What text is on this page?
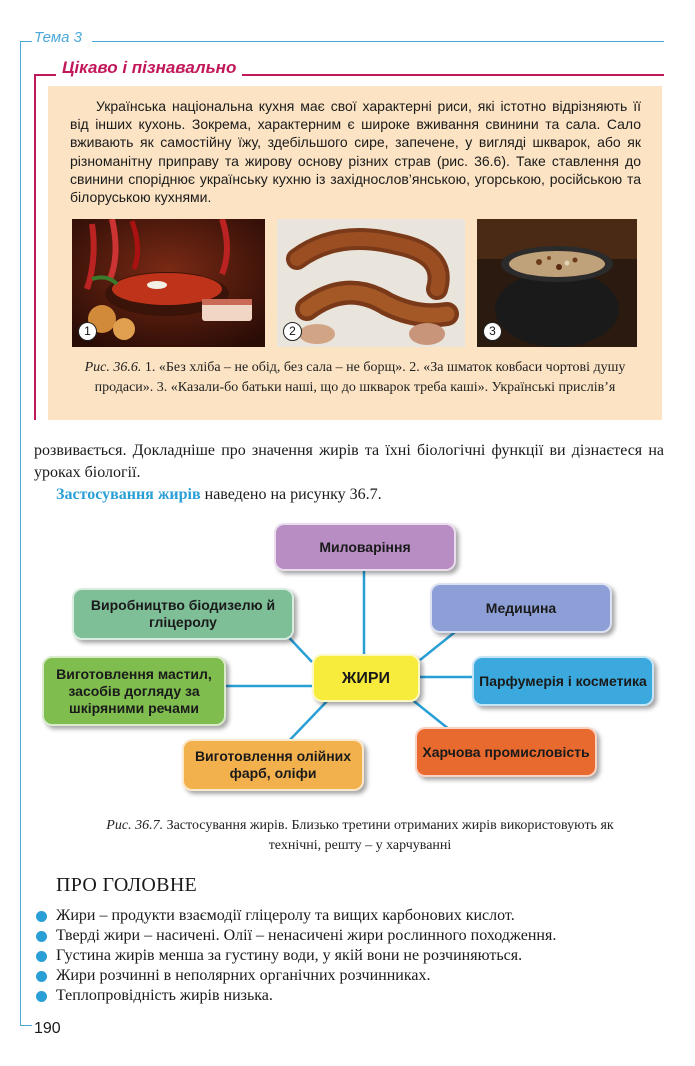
Тема 3
Цікаво і пізнавально
Українська національна кухня має свої характерні риси, які істотно відрізняють її від інших кухонь. Зокрема, характерним є широке вживання свинини та сала. Сало вживають як самостійну їжу, здебільшого сире, запечене, у вигляді шкварок, або як різноманітну приправу та жирову основу різних страв (рис. 36.6). Таке ставлення до свинини споріднює українську кухню із західнослов’янською, угорською, російською та білоруською кухнями.
1	2	3
Рис. 36.6. 1. «Без хліба – не обід, без сала – не борщ». 2. «За шматок ковбаси чортові душу продаси». 3. «Казали-бо батьки наші, що до шкварок треба каші». Українські прислів’я
розвивається. Докладніше про значення жирів та їхні біологічні функції ви дізнаєтеся на уроках біології.
Застосування жирів наведено на рисунку 36.7.
Миловаріння
Медицина
Парфумерія і косметика
Харчова промисловість
Виготовлення олійних фарб, оліфи
Виготовлення мастил, засобів догляду за шкіряними речами
Виробництво біодизелю й гліцеролу
ЖИРИ
Рис. 36.7. Застосування жирів. Близько третини отриманих жирів використовують як технічні, решту – у харчуванні
ПРО ГОЛОВНЕ
Жири – продукти взаємодії гліцеролу та вищих карбонових кислот.
Тверді жири – насичені. Олії – ненасичені жири рослинного походження.
Густина жирів менша за густину води, у якій вони не розчиняються.
Жири розчинні в неполярних органічних розчинниках.
Теплопровідність жирів низька.
190
